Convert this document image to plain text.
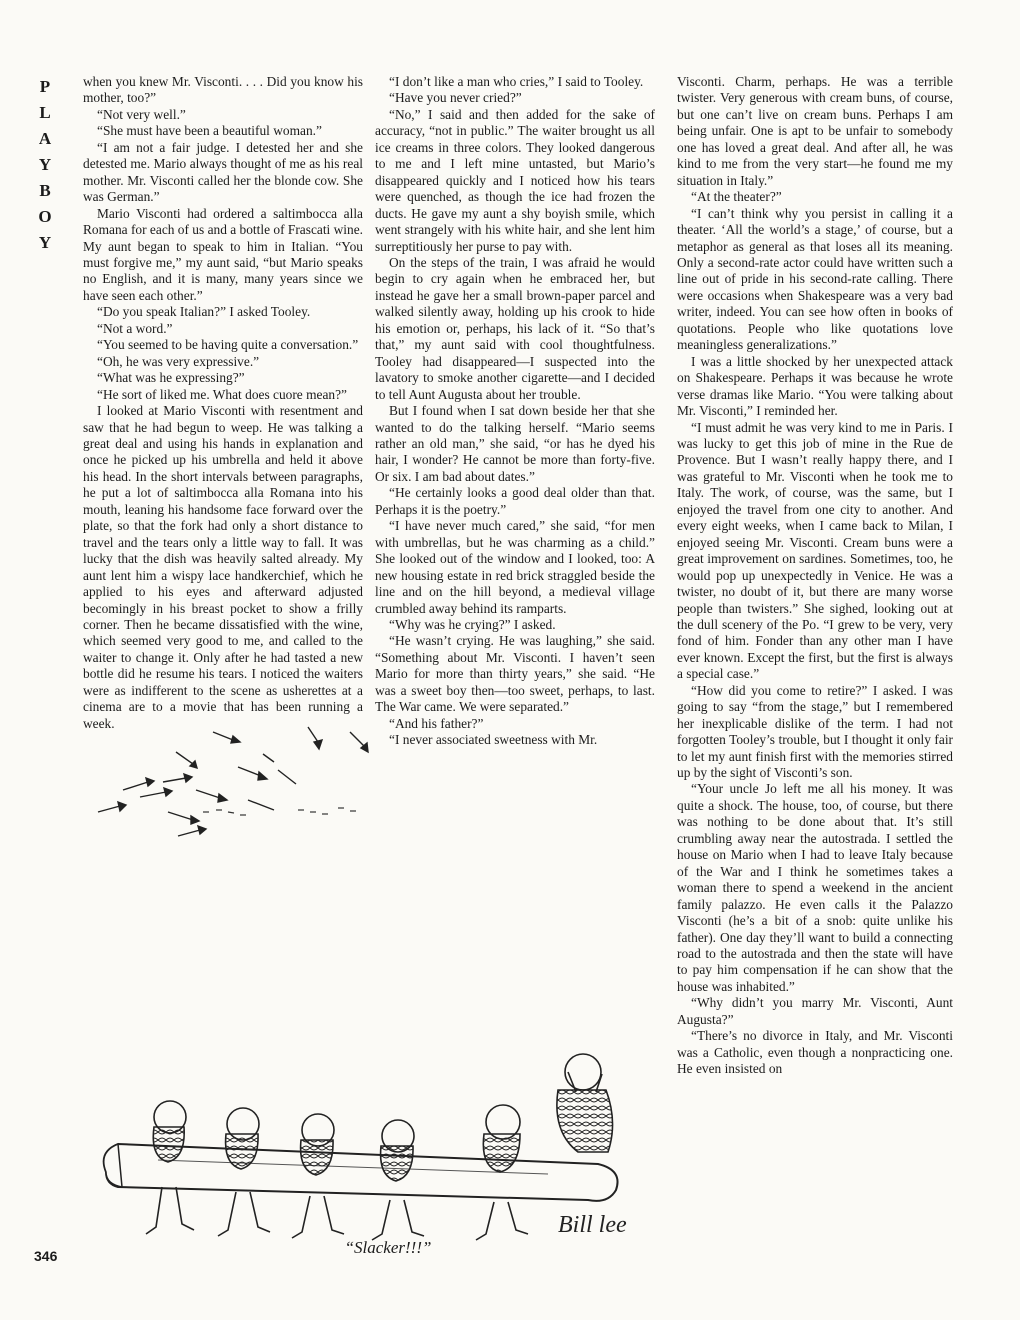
P
L
A
Y
B
O
Y

when you knew Mr. Visconti. . . . Did you know his mother, too?”

“Not very well.”

“She must have been a beautiful woman.”

“I am not a fair judge. I detested her and she detested me. Mario always thought of me as his real mother. Mr. Visconti called her the blonde cow. She was German.”

Mario Visconti had ordered a saltimbocca alla Romana for each of us and a bottle of Frascati wine. My aunt began to speak to him in Italian. “You must forgive me,” my aunt said, “but Mario speaks no English, and it is many, many years since we have seen each other.”

“Do you speak Italian?” I asked Tooley.

“Not a word.”

“You seemed to be having quite a conversation.”

“Oh, he was very expressive.”

“What was he expressing?”

“He sort of liked me. What does cuore mean?”

I looked at Mario Visconti with resentment and saw that he had begun to weep. He was talking a great deal and using his hands in explanation and once he picked up his umbrella and held it above his head. In the short intervals between paragraphs, he put a lot of saltimbocca alla Romana into his mouth, leaning his handsome face forward over the plate, so that the fork had only a short distance to travel and the tears only a little way to fall. It was lucky that the dish was heavily salted already. My aunt lent him a wispy lace handkerchief, which he applied to his eyes and afterward adjusted becomingly in his breast pocket to show a frilly corner. Then he became dissatisfied with the wine, which seemed very good to me, and called to the waiter to change it. Only after he had tasted a new bottle did he resume his tears. I noticed the waiters were as indifferent to the scene as usherettes at a cinema are to a movie that has been running a week.

“I don’t like a man who cries,” I said to Tooley.

“Have you never cried?”

“No,” I said and then added for the sake of accuracy, “not in public.” The waiter brought us all ice creams in three colors. They looked dangerous to me and I left mine untasted, but Mario’s disappeared quickly and I noticed how his tears were quenched, as though the ice had frozen the ducts. He gave my aunt a shy boyish smile, which went strangely with his white hair, and she lent him surreptitiously her purse to pay with.

On the steps of the train, I was afraid he would begin to cry again when he embraced her, but instead he gave her a small brown-paper parcel and walked silently away, holding up his crook to hide his emotion or, perhaps, his lack of it. “So that’s that,” my aunt said with cool thoughtfulness. Tooley had disappeared—I suspected into the lavatory to smoke another cigarette—and I decided to tell Aunt Augusta about her trouble.

But I found when I sat down beside her that she wanted to do the talking herself. “Mario seems rather an old man,” she said, “or has he dyed his hair, I wonder? He cannot be more than forty-five. Or six. I am bad about dates.”

“He certainly looks a good deal older than that. Perhaps it is the poetry.”

“I have never much cared,” she said, “for men with umbrellas, but he was charming as a child.” She looked out of the window and I looked, too: A new housing estate in red brick straggled beside the line and on the hill beyond, a medieval village crumbled away behind its ramparts.

“Why was he crying?” I asked.

“He wasn’t crying. He was laughing,” she said. “Something about Mr. Visconti. I haven’t seen Mario for more than thirty years,” she said. “He was a sweet boy then—too sweet, perhaps, to last. The War came. We were separated.”

“And his father?”

“I never associated sweetness with Mr.

Visconti. Charm, perhaps. He was a terrible twister. Very generous with cream buns, of course, but one can’t live on cream buns. Perhaps I am being unfair. One is apt to be unfair to somebody one has loved a great deal. And after all, he was kind to me from the very start—he found me my situation in Italy.”

“At the theater?”

“I can’t think why you persist in calling it a theater. ‘All the world’s a stage,’ of course, but a metaphor as general as that loses all its meaning. Only a second-rate actor could have written such a line out of pride in his second-rate calling. There were occasions when Shakespeare was a very bad writer, indeed. You can see how often in books of quotations. People who like quotations love meaningless generalizations.”

I was a little shocked by her unexpected attack on Shakespeare. Perhaps it was because he wrote verse dramas like Mario. “You were talking about Mr. Visconti,” I reminded her.

“I must admit he was very kind to me in Paris. I was lucky to get this job of mine in the Rue de Provence. But I wasn’t really happy there, and I was grateful to Mr. Visconti when he took me to Italy. The work, of course, was the same, but I enjoyed the travel from one city to another. And every eight weeks, when I came back to Milan, I enjoyed seeing Mr. Visconti. Cream buns were a great improvement on sardines. Sometimes, too, he would pop up unexpectedly in Venice. He was a twister, no doubt of it, but there are many worse people than twisters.” She sighed, looking out at the dull scenery of the Po. “I grew to be very, very fond of him. Fonder than any other man I have ever known. Except the first, but the first is always a special case.”

“How did you come to retire?” I asked. I was going to say “from the stage,” but I remembered her inexplicable dislike of the term. I had not forgotten Tooley’s trouble, but I thought it only fair to let my aunt finish first with the memories stirred up by the sight of Visconti’s son.

“Your uncle Jo left me all his money. It was quite a shock. The house, too, of course, but there was nothing to be done about that. It’s still crumbling away near the autostrada. I settled the house on Mario when I had to leave Italy because of the War and I think he sometimes takes a woman there to spend a weekend in the ancient family palazzo. He even calls it the Palazzo Visconti (he’s a bit of a snob: quite unlike his father). One day they’ll want to build a connecting road to the autostrada and then the state will have to pay him compensation if he can show that the house was inhabited.”

“Why didn’t you marry Mr. Visconti, Aunt Augusta?”

“There’s no divorce in Italy, and Mr. Visconti was a Catholic, even though a nonpracticing one. He even insisted on

Bill lee
“Slacker!!!”
346
